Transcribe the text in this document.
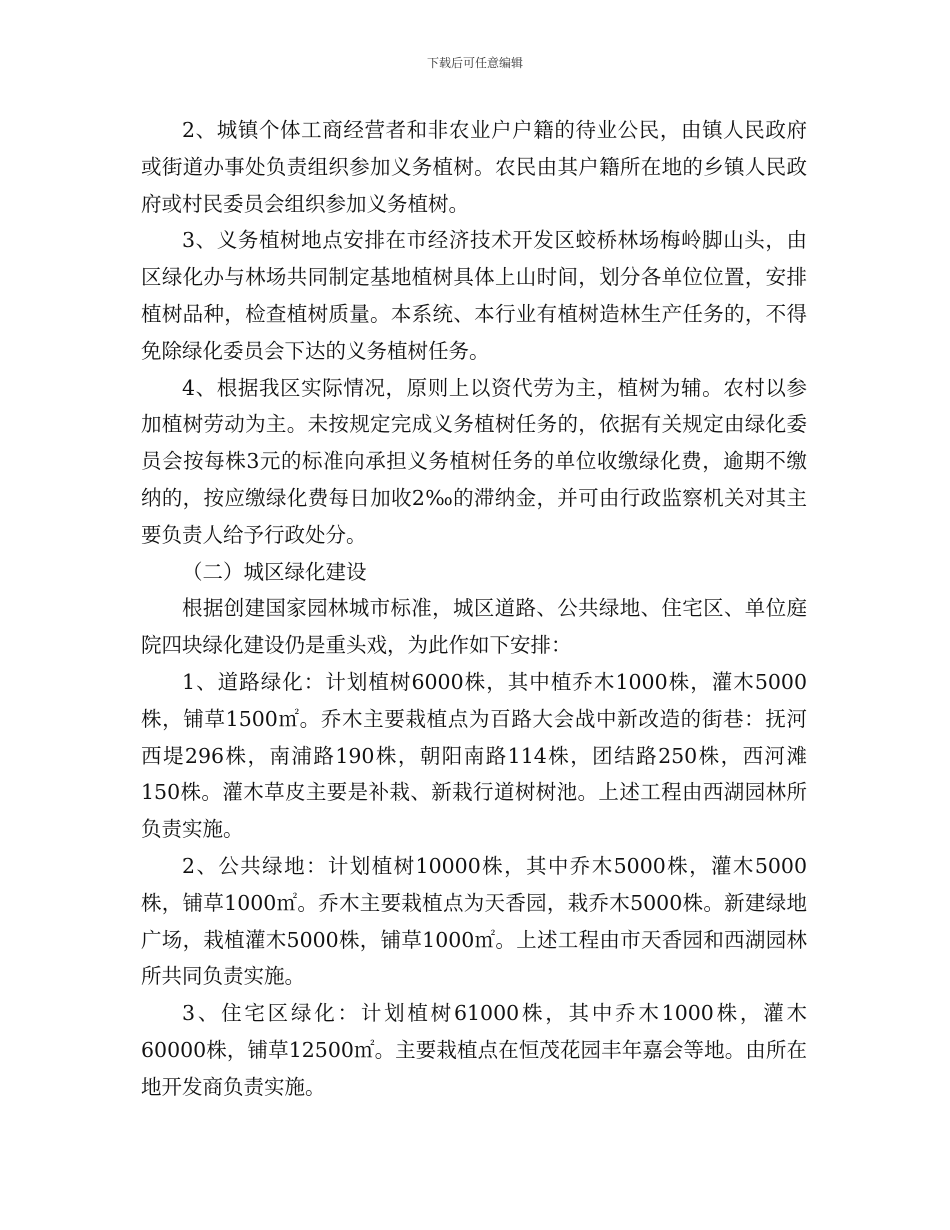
下载后可任意编辑

2、城镇个体工商经营者和非农业户户籍的待业公民，由镇人民政府或街道办事处负责组织参加义务植树。农民由其户籍所在地的乡镇人民政府或村民委员会组织参加义务植树。

3、义务植树地点安排在市经济技术开发区蛟桥林场梅岭脚山头，由区绿化办与林场共同制定基地植树具体上山时间，划分各单位位置，安排植树品种，检查植树质量。本系统、本行业有植树造林生产任务的，不得免除绿化委员会下达的义务植树任务。

4、根据我区实际情况，原则上以资代劳为主，植树为辅。农村以参加植树劳动为主。未按规定完成义务植树任务的，依据有关规定由绿化委员会按每株3元的标准向承担义务植树任务的单位收缴绿化费，逾期不缴纳的，按应缴绿化费每日加收2‰的滞纳金，并可由行政监察机关对其主要负责人给予行政处分。

（二）城区绿化建设

根据创建国家园林城市标准，城区道路、公共绿地、住宅区、单位庭院四块绿化建设仍是重头戏，为此作如下安排：

1、道路绿化：计划植树6000株，其中植乔木1000株，灌木5000株，铺草1500㎡。乔木主要栽植点为百路大会战中新改造的街巷：抚河西堤296株，南浦路190株，朝阳南路114株，团结路250株，西河滩150株。灌木草皮主要是补栽、新栽行道树树池。上述工程由西湖园林所负责实施。

2、公共绿地：计划植树10000株，其中乔木5000株，灌木5000株，铺草1000㎡。乔木主要栽植点为天香园，栽乔木5000株。新建绿地广场，栽植灌木5000株，铺草1000㎡。上述工程由市天香园和西湖园林所共同负责实施。

3、住宅区绿化：计划植树61000株，其中乔木1000株，灌木60000株，铺草12500㎡。主要栽植点在恒茂花园丰年嘉会等地。由所在地开发商负责实施。
